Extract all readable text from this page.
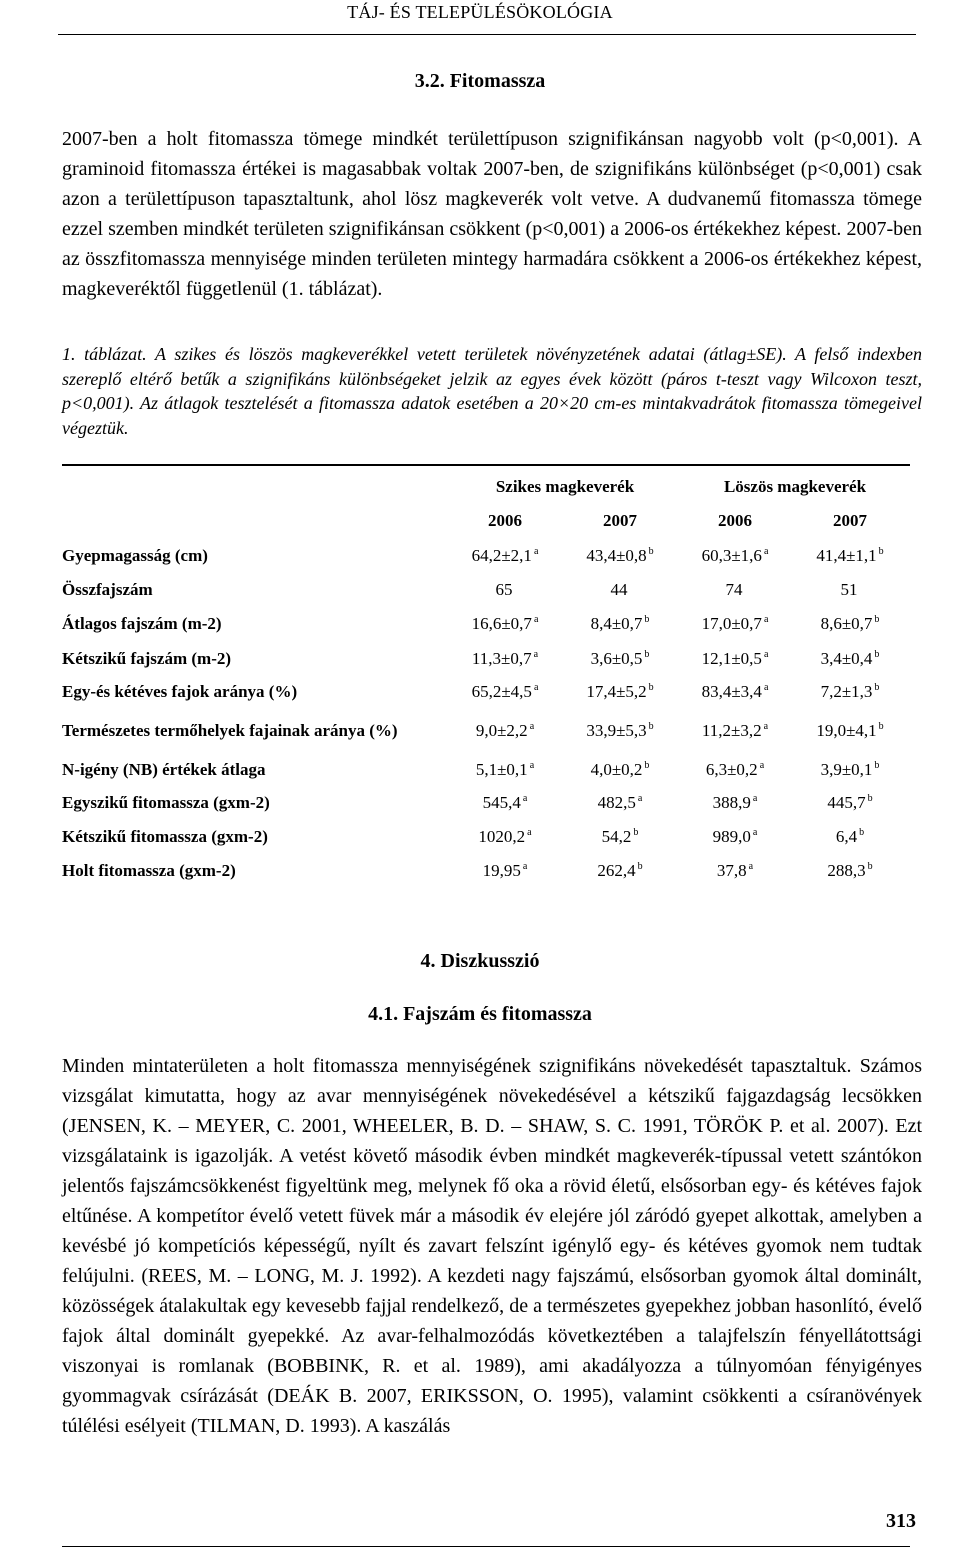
TÁJ- ÉS TELEPÜLÉSÖKOLÓGIA
3.2. Fitomassza

2007-ben a holt fitomassza tömege mindkét területtípuson szignifikánsan nagyobb volt (p<0,001). A graminoid fitomassza értékei is magasabbak voltak 2007-ben, de szignifikáns különbséget (p<0,001) csak azon a területtípuson tapasztaltunk, ahol lösz magkeverék volt vetve. A dudvanemű fitomassza tömege ezzel szemben mindkét területen szignifikánsan csökkent (p<0,001) a 2006-os értékekhez képest. 2007-ben az összfitomassza mennyisége minden területen mintegy harmadára csökkent a 2006-os értékekhez képest, magkeveréktől függetlenül (1. táblázat).

1. táblázat. A szikes és löszös magkeverékkel vetett területek növényzetének adatai (átlag±SE). A felső indexben szereplő eltérő betűk a szignifikáns különbségeket jelzik az egyes évek között (páros t-teszt vagy Wilcoxon teszt, p<0,001). Az átlagok tesztelését a fitomassza adatok esetében a 20×20 cm-es mintakvadrátok fitomassza tömegeivel végeztük.

	Szikes magkeverék		Löszös magkeverék	
	2006	2007	2006	2007
Gyepmagasság (cm)	64,2±2,1 $^a$	43,4±0,8 $^b$	60,3±1,6 $^a$	41,4±1,1 $^b$
Összfajszám	65	44	74	51
Átlagos fajszám (m-2)	16,6±0,7 $^a$	8,4±0,7 $^b$	17,0±0,7 $^a$	8,6±0,7 $^b$
Kétszikű fajszám (m-2)	11,3±0,7 $^a$	3,6±0,5 $^b$	12,1±0,5 $^a$	3,4±0,4 $^b$
Egy-és kétéves fajok aránya (%)	65,2±4,5 $^a$	17,4±5,2 $^b$	83,4±3,4 $^a$	7,2±1,3 $^b$
Természetes termőhelyek fajainak aránya (%)	9,0±2,2 $^a$	33,9±5,3 $^b$	11,2±3,2 $^a$	19,0±4,1 $^b$
N-igény (NB) értékek átlaga	5,1±0,1 $^a$	4,0±0,2 $^b$	6,3±0,2 $^a$	3,9±0,1 $^b$
Egyszikű fitomassza (gxm-2)	545,4 $^a$	482,5 $^a$	388,9 $^a$	445,7 $^b$
Kétszikű fitomassza (gxm-2)	1020,2 $^a$	54,2 $^b$	989,0 $^a$	6,4 $^b$
Holt fitomassza (gxm-2)	19,95 $^a$	262,4 $^b$	37,8 $^a$	288,3 $^b$
4. Diszkusszió
4.1. Fajszám és fitomassza

Minden mintaterületen a holt fitomassza mennyiségének szignifikáns növekedését tapasztaltuk. Számos vizsgálat kimutatta, hogy az avar mennyiségének növekedésével a kétszikű fajgazdagság lecsökken (JENSEN, K. – MEYER, C. 2001, WHEELER, B. D. – SHAW, S. C. 1991, TÖRÖK P. et al. 2007). Ezt vizsgálataink is igazolják. A vetést követő második évben mindkét magkeverék-típussal vetett szántókon jelentős fajszámcsökkenést figyeltünk meg, melynek fő oka a rövid életű, elsősorban egy- és kétéves fajok eltűnése. A kompetítor évelő vetett füvek már a második év elejére jól záródó gyepet alkottak, amelyben a kevésbé jó kompetíciós képességű, nyílt és zavart felszínt igénylő egy- és kétéves gyomok nem tudtak felújulni. (REES, M. – LONG, M. J. 1992). A kezdeti nagy fajszámú, elsősorban gyomok által dominált, közösségek átalakultak egy kevesebb fajjal rendelkező, de a természetes gyepekhez jobban hasonlító, évelő fajok által dominált gyepekké. Az avar-felhalmozódás következtében a talajfelszín fényellátottsági viszonyai is romlanak (BOBBINK, R. et al. 1989), ami akadályozza a túlnyomóan fényigényes gyommagvak csírázását (DEÁK B. 2007, ERIKSSON, O. 1995), valamint csökkenti a csíranövények túlélési esélyeit (TILMAN, D. 1993). A kaszálás

313
